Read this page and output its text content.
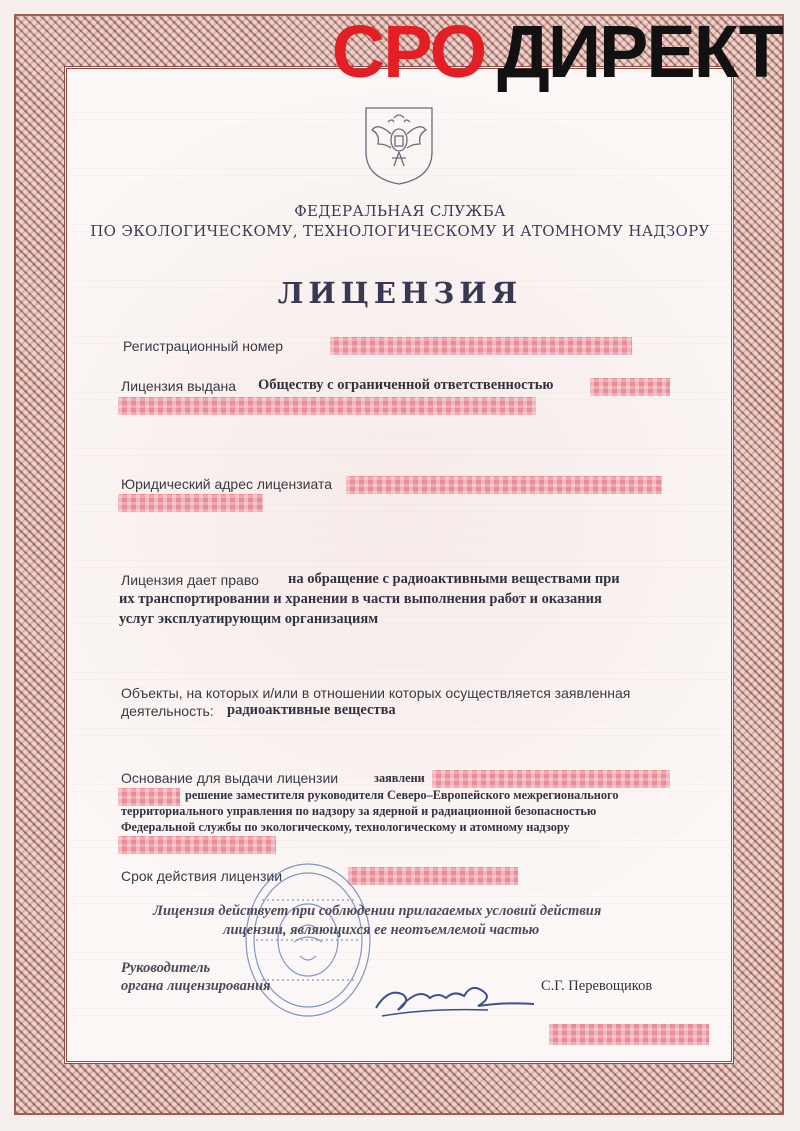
СРО ДИРЕКТ
ФЕДЕРАЛЬНАЯ СЛУЖБА
ПО ЭКОЛОГИЧЕСКОМУ, ТЕХНОЛОГИЧЕСКОМУ И АТОМНОМУ НАДЗОРУ
ЛИЦЕНЗИЯ
Регистрационный номер
Лицензия выдана Обществу с ограниченной ответственностью
Юридический адрес лицензиата
Лицензия дает право на обращение с радиоактивными веществами при
их транспортировании и хранении в части выполнения работ и оказания
услуг эксплуатирующим организациям
Объекты, на которых и/или в отношении которых осуществляется заявленная
деятельность: радиоактивные вещества
Основание для выдачи лицензии	заявлени
решение заместителя руководителя Северо–Европейского межрегионального
территориального управления по надзору за ядерной и радиационной безопасностью
Федеральной службы по экологическому, технологическому и атомному надзору
Срок действия лицензии
Лицензия действует при соблюдении прилагаемых условий действия
лицензии, являющихся ее неотъемлемой частью
Руководитель
органа лицензирования	С.Г. Перевощиков
